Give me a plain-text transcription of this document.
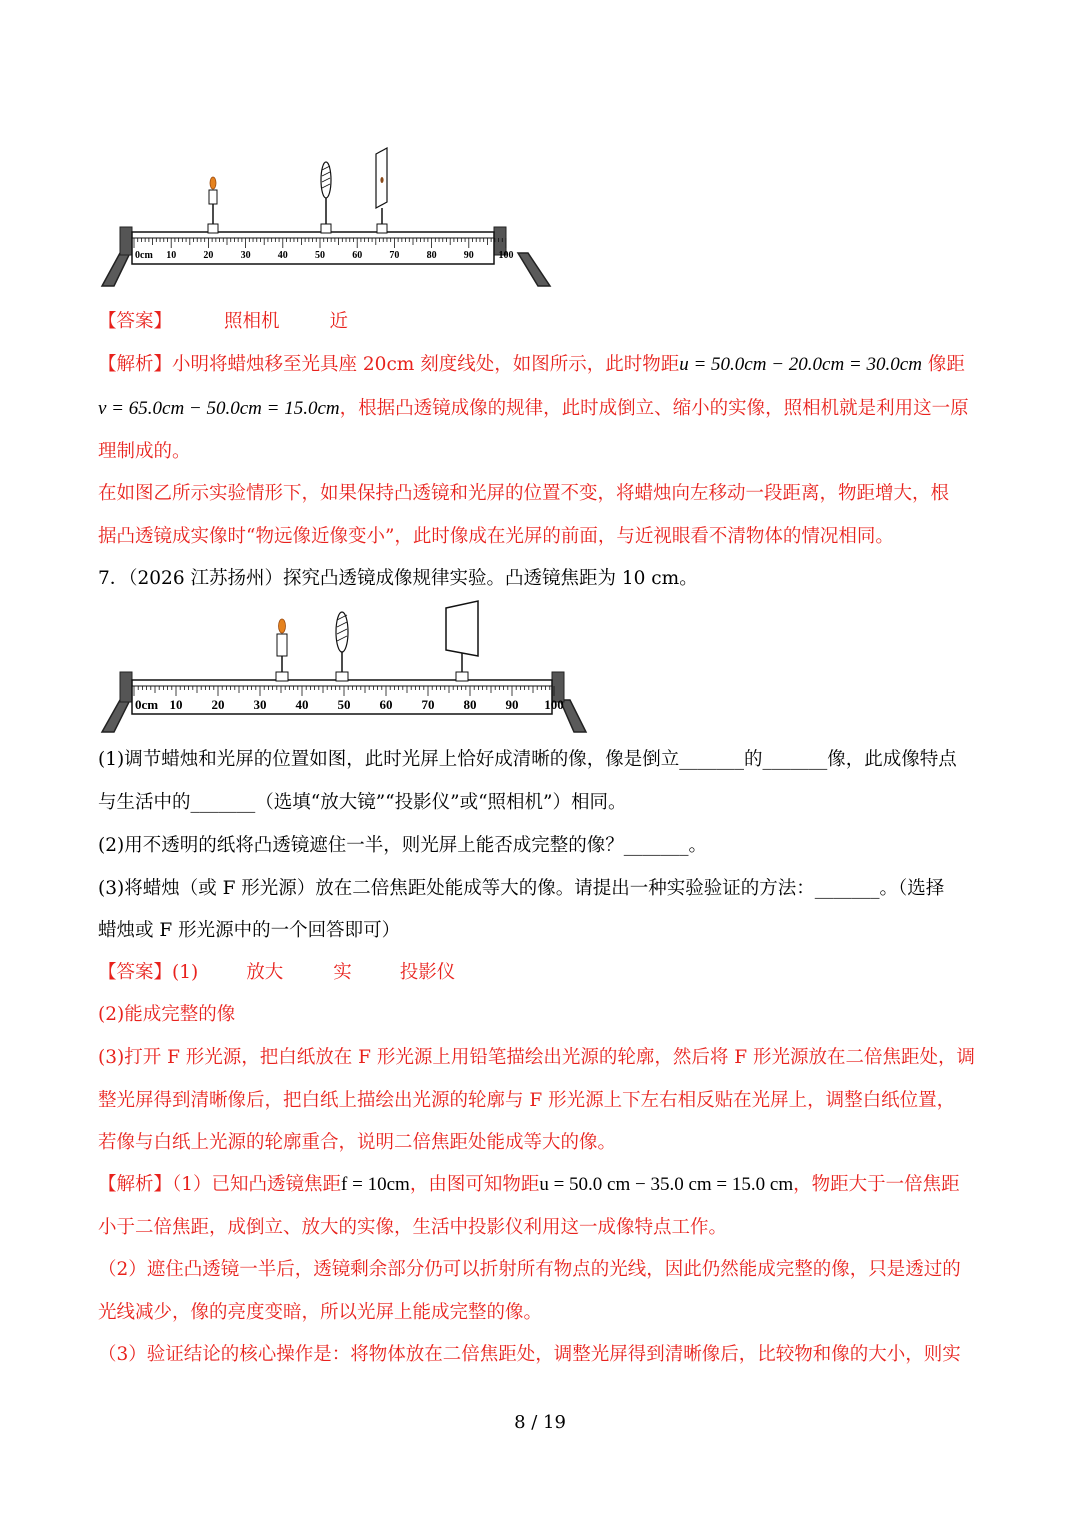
0cm 10	20	30	40	50	60	70	80	90 100
【答案】	照相机	近
【解析】小明将蜡烛移至光具座 20cm 刻度线处，如图所示，此时物距u = 50.0cm − 20.0cm = 30.0cm 像距
v = 65.0cm − 50.0cm = 15.0cm，根据凸透镜成像的规律，此时成倒立、缩小的实像，照相机就是利用这一原
理制成的。
在如图乙所示实验情形下，如果保持凸透镜和光屏的位置不变，将蜡烛向左移动一段距离，物距增大，根
据凸透镜成实像时“物远像近像变小”，此时像成在光屏的前面，与近视眼看不清物体的情况相同。
7．（2026 江苏扬州）探究凸透镜成像规律实验。凸透镜焦距为 10 cm。
0cm 10 20 30 40 50 60 70 80 90 100
(1)调节蜡烛和光屏的位置如图，此时光屏上恰好成清晰的像，像是倒立_______的_______像，此成像特点
与生活中的_______（选填“放大镜”“投影仪”或“照相机”）相同。
(2)用不透明的纸将凸透镜遮住一半，则光屏上能否成完整的像？_______。
(3)将蜡烛（或 F 形光源）放在二倍焦距处能成等大的像。请提出一种实验验证的方法：_______。（选择
蜡烛或 F 形光源中的一个回答即可）
【答案】(1)	放大	实	投影仪
(2)能成完整的像
(3)打开 F 形光源，把白纸放在 F 形光源上用铅笔描绘出光源的轮廓，然后将 F 形光源放在二倍焦距处，调
整光屏得到清晰像后，把白纸上描绘出光源的轮廓与 F 形光源上下左右相反贴在光屏上，调整白纸位置，
若像与白纸上光源的轮廓重合，说明二倍焦距处能成等大的像。
【解析】（1）已知凸透镜焦距f = 10cm，由图可知物距u = 50.0 cm − 35.0 cm = 15.0 cm，物距大于一倍焦距
小于二倍焦距，成倒立、放大的实像，生活中投影仪利用这一成像特点工作。
（2）遮住凸透镜一半后，透镜剩余部分仍可以折射所有物点的光线，因此仍然能成完整的像，只是透过的
光线减少，像的亮度变暗，所以光屏上能成完整的像。
（3）验证结论的核心操作是：将物体放在二倍焦距处，调整光屏得到清晰像后，比较物和像的大小，则实
8 / 19
